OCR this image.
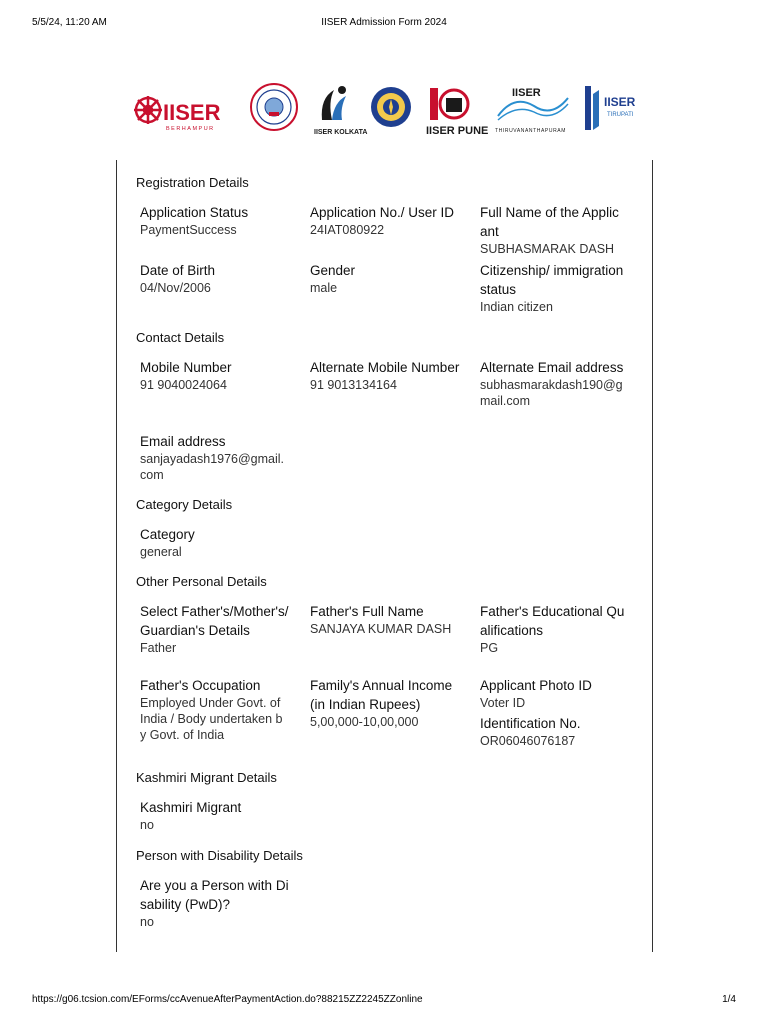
5/5/24, 11:20 AM	IISER Admission Form 2024
IISER
BERHAMPUR	IISER KOLKATA	IISER PUNE
IISER
THIRUVANANTHAPURAM
IISER
TIRUPATI
Registration Details
Application Status
PaymentSuccess
Application No./ User ID
24IAT080922
Full Name of the Applicant
SUBHASMARAK DASH
Date of Birth
04/Nov/2006
Gender
male
Citizenship/ immigration status
Indian citizen
Contact Details
Mobile Number
91 9040024064
Alternate Mobile Number
91 9013134164
Alternate Email address
subhasmarakdash190@gmail.com
Email address
sanjayadash1976@gmail.com
Category Details
Category
general
Other Personal Details
Select Father's/Mother's/Guardian's Details
Father
Father's Full Name
SANJAYA KUMAR DASH
Father's Educational Qualifications
PG
Father's Occupation
Employed Under Govt. of India / Body undertaken by Govt. of India
Family's Annual Income (in Indian Rupees)
5,00,000-10,00,000
Applicant Photo ID
Voter ID
Identification No.
OR06046076187
Kashmiri Migrant Details
Kashmiri Migrant
no
Person with Disability Details
Are you a Person with Disability (PwD)?
no
https://g06.tcsion.com/EForms/ccAvenueAfterPaymentAction.do?88215ZZ2245ZZonline	1/4
